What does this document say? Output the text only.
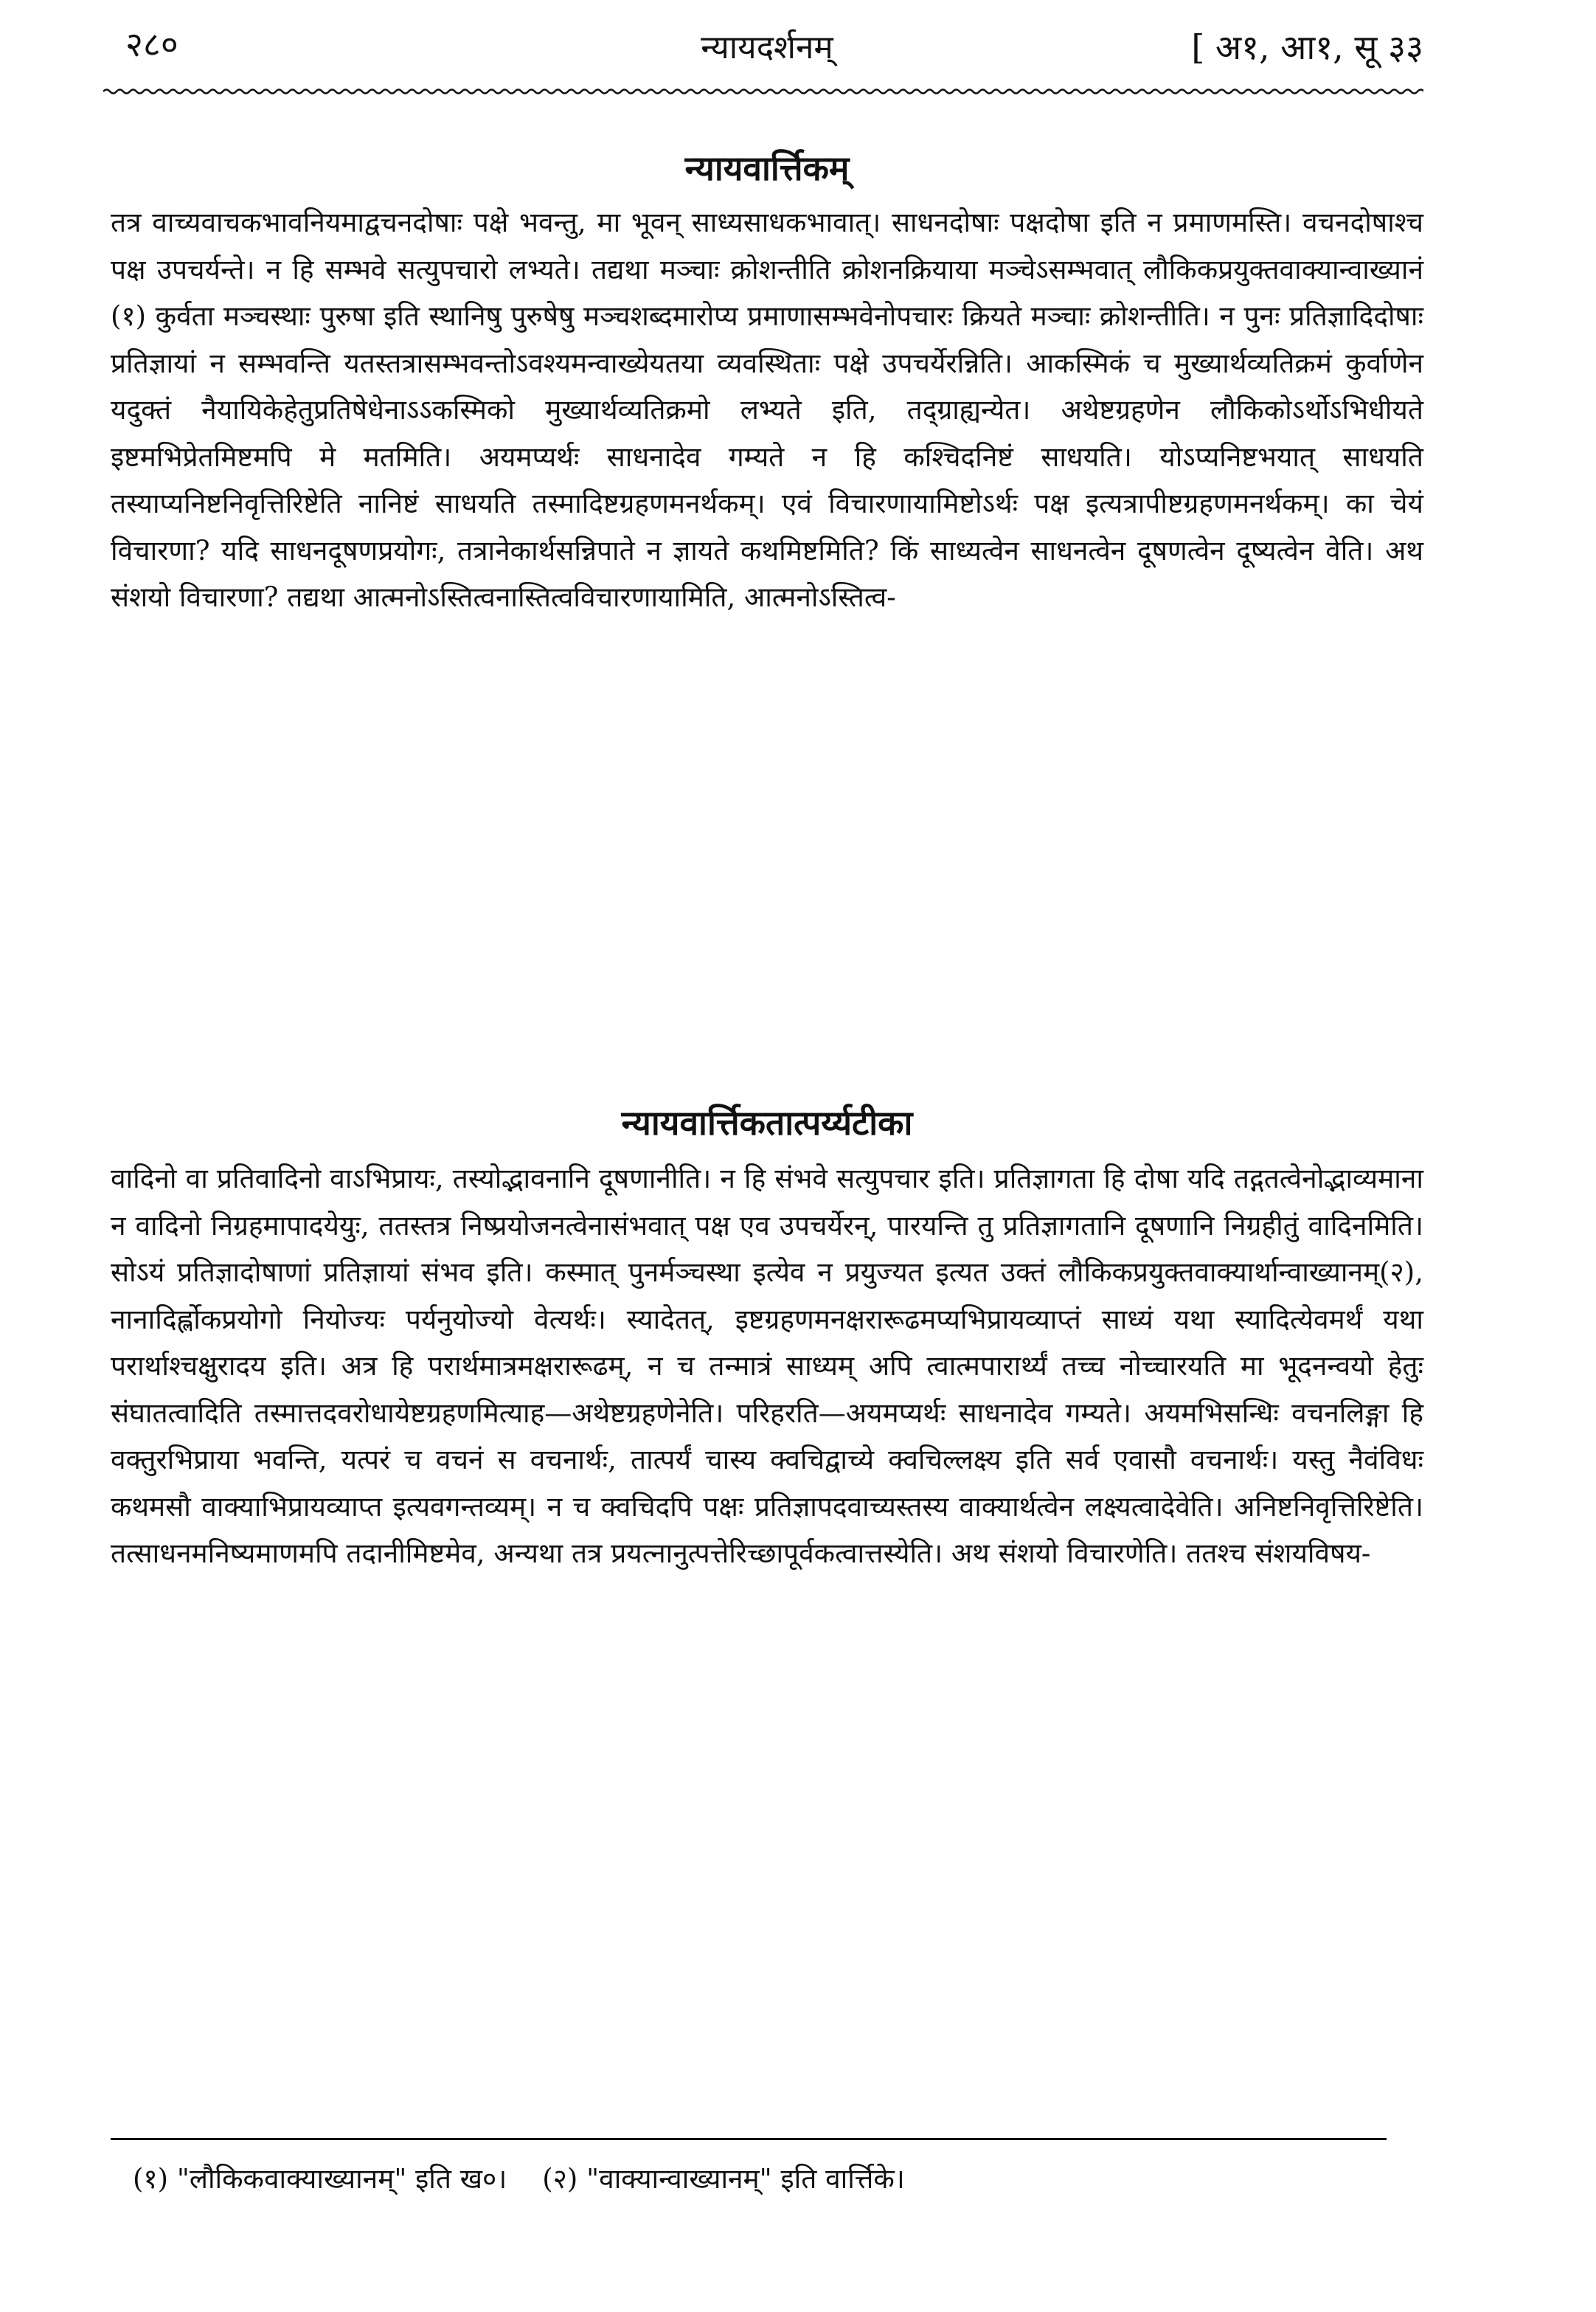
२८०	न्यायदर्शनम्	[ अ१, आ१, सू ३३
न्यायवार्त्तिकम्
तत्र वाच्यवाचकभावनियमाद्वचनदोषाः पक्षे भवन्तु, मा भूवन् साध्यसाधकभावात्। साधनदोषाः पक्षदोषा इति न प्रमाणमस्ति। वचनदोषाश्च पक्ष उपचर्यन्ते। न हि सम्भवे सत्युपचारो लभ्यते। तद्यथा मञ्चाः क्रोशन्तीति क्रोशनक्रियाया मञ्चेऽसम्भवात् लौकिकप्रयुक्तवाक्यान्वाख्यानं (१) कुर्वता मञ्चस्थाः पुरुषा इति स्थानिषु पुरुषेषु मञ्चशब्दमारोप्य प्रमाणासम्भवेनोपचारः क्रियते मञ्चाः क्रोशन्तीति। न पुनः प्रतिज्ञादिदोषाः प्रतिज्ञायां न सम्भवन्ति यतस्तत्रासम्भवन्तोऽवश्यमन्वाख्येयतया व्यवस्थिताः पक्षे उपचर्येरन्निति। आकस्मिकं च मुख्यार्थव्यतिक्रमं कुर्वाणेन यदुक्तं नैयायिकेहेतुप्रतिषेधेनाऽऽकस्मिको मुख्यार्थव्यतिक्रमो लभ्यते इति, तद्ग्राह्यन्येत। अथेष्टग्रहणेन लौकिकोऽर्थोऽभिधीयते इष्टमभिप्रेतमिष्टमपि मे मतमिति। अयमप्यर्थः साधनादेव गम्यते न हि कश्चिदनिष्टं साधयति। योऽप्यनिष्टभयात् साधयति तस्याप्यनिष्टनिवृत्तिरिष्टेति नानिष्टं साधयति तस्मादिष्टग्रहणमनर्थकम्। एवं विचारणायामिष्टोऽर्थः पक्ष इत्यत्रापीष्टग्रहणमनर्थकम्। का चेयं विचारणा? यदि साधनदूषणप्रयोगः, तत्रानेकार्थसन्निपाते न ज्ञायते कथमिष्टमिति? किं साध्यत्वेन साधनत्वेन दूषणत्वेन दूष्यत्वेन वेति। अथ संशयो विचारणा? तद्यथा आत्मनोऽस्तित्वनास्तित्वविचारणायामिति, आत्मनोऽस्तित्व-
न्यायवार्त्तिकतात्पर्य्यटीका
वादिनो वा प्रतिवादिनो वाऽभिप्रायः, तस्योद्भावनानि दूषणानीति। न हि संभवे सत्युपचार इति। प्रतिज्ञागता हि दोषा यदि तद्गतत्वेनोद्भाव्यमाना न वादिनो निग्रहमापादयेयुः, ततस्तत्र निष्प्रयोजनत्वेनासंभवात् पक्ष एव उपचर्येरन्, पारयन्ति तु प्रतिज्ञागतानि दूषणानि निग्रहीतुं वादिनमिति। सोऽयं प्रतिज्ञादोषाणां प्रतिज्ञायां संभव इति। कस्मात् पुनर्मञ्चस्था इत्येव न प्रयुज्यत इत्यत उक्तं लौकिकप्रयुक्तवाक्यार्थान्वाख्यानम्(२), नानादिर्ह्लोकप्रयोगो नियोज्यः पर्यनुयोज्यो वेत्यर्थः। स्यादेतत्, इष्टग्रहणमनक्षरारूढमप्यभिप्रायव्याप्तं साध्यं यथा स्यादित्येवमर्थं यथा परार्थाश्चक्षुरादय इति। अत्र हि परार्थमात्रमक्षरारूढम्, न च तन्मात्रं साध्यम् अपि त्वात्मपारार्थ्यं तच्च नोच्चारयति मा भूदनन्वयो हेतुः संघातत्वादिति तस्मात्तदवरोधायेष्टग्रहणमित्याह—अथेष्टग्रहणेनेति। परिहरति—अयमप्यर्थः साधनादेव गम्यते। अयमभिसन्धिः वचनलिङ्गा हि वक्तुरभिप्राया भवन्ति, यत्परं च वचनं स वचनार्थः, तात्पर्यं चास्य क्वचिद्वाच्ये क्वचिल्लक्ष्य इति सर्व एवासौ वचनार्थः। यस्तु नैवंविधः कथमसौ वाक्याभिप्रायव्याप्त इत्यवगन्तव्यम्। न च क्वचिदपि पक्षः प्रतिज्ञापदवाच्यस्तस्य वाक्यार्थत्वेन लक्ष्यत्वादेवेति। अनिष्टनिवृत्तिरिष्टेति। तत्साधनमनिष्यमाणमपि तदानीमिष्टमेव, अन्यथा तत्र प्रयत्नानुत्पत्तेरिच्छापूर्वकत्वात्तस्येति। अथ संशयो विचारणेति। ततश्च संशयविषय-
(१) "लौकिकवाक्याख्यानम्" इति ख०। (२) "वाक्यान्वाख्यानम्" इति वार्त्तिके।
